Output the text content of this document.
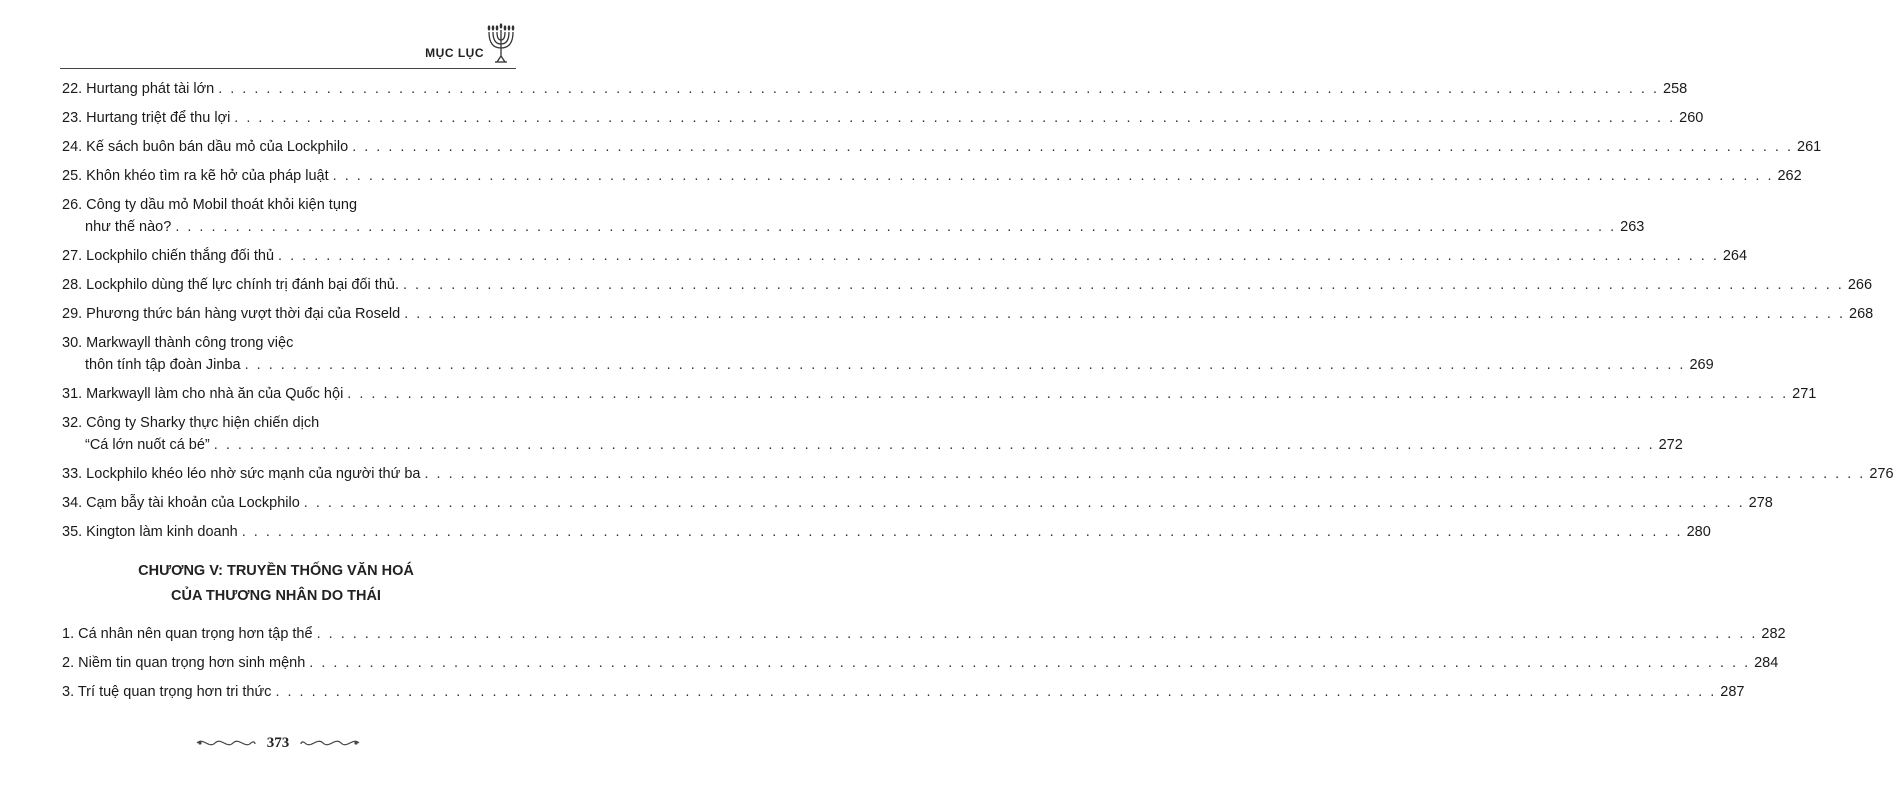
MỤC LỤC
22. Hurtang phát tài lớn . . . . . . . . . . . . . . . . . . . . . . . . . . . . . . . . . . . . . . . . . . . . . . . . . . . . . . . . . . . . . . . . . . . . . . . . . . . . . . . . . . . . . . . . . . . . . . . . . . . . . . . . . . . . . . . . . . . . . . . . 258
23. Hurtang triệt để thu lợi . . . . . . . . . . . . . . . . . . . . . . . . . . . . . . . . . . . . . . . . . . . . . . . . . . . . . . . . . . . . . . . . . . . . . . . . . . . . . . . . . . . . . . . . . . . . . . . . . . . . . . . . . . . . . . . . . . . . . . . . 260
24. Kế sách buôn bán dầu mỏ của Lockphilo . . . . . . . . . . . . . . . . . . . . . . . . . . . . . . . . . . . . . . . . . . . . . . . . . . . . . . . . . . . . . . . . . . . . . . . . . . . . . . . . . . . . . . . . . . . . . . . . . . . . . . . . . . . . . . . . . . . . . . . . 261
25. Khôn khéo tìm ra kẽ hở của pháp luật . . . . . . . . . . . . . . . . . . . . . . . . . . . . . . . . . . . . . . . . . . . . . . . . . . . . . . . . . . . . . . . . . . . . . . . . . . . . . . . . . . . . . . . . . . . . . . . . . . . . . . . . . . . . . . . . . . . . . . . . 262
26. Công ty dầu mỏ Mobil thoát khỏi kiện tụng
như thế nào? . . . . . . . . . . . . . . . . . . . . . . . . . . . . . . . . . . . . . . . . . . . . . . . . . . . . . . . . . . . . . . . . . . . . . . . . . . . . . . . . . . . . . . . . . . . . . . . . . . . . . . . . . . . . . . . . . . . . . . . . 263
27. Lockphilo chiến thắng đối thủ . . . . . . . . . . . . . . . . . . . . . . . . . . . . . . . . . . . . . . . . . . . . . . . . . . . . . . . . . . . . . . . . . . . . . . . . . . . . . . . . . . . . . . . . . . . . . . . . . . . . . . . . . . . . . . . . . . . . . . . . 264
28. Lockphilo dùng thế lực chính trị đánh bại đối thủ. . . . . . . . . . . . . . . . . . . . . . . . . . . . . . . . . . . . . . . . . . . . . . . . . . . . . . . . . . . . . . . . . . . . . . . . . . . . . . . . . . . . . . . . . . . . . . . . . . . . . . . . . . . . . . . . . . . . . . . . . 266
29. Phương thức bán hàng vượt thời đại của Roseld . . . . . . . . . . . . . . . . . . . . . . . . . . . . . . . . . . . . . . . . . . . . . . . . . . . . . . . . . . . . . . . . . . . . . . . . . . . . . . . . . . . . . . . . . . . . . . . . . . . . . . . . . . . . . . . . . . . . . . . . 268
30. Markwayll thành công trong việc
thôn tính tập đoàn Jinba . . . . . . . . . . . . . . . . . . . . . . . . . . . . . . . . . . . . . . . . . . . . . . . . . . . . . . . . . . . . . . . . . . . . . . . . . . . . . . . . . . . . . . . . . . . . . . . . . . . . . . . . . . . . . . . . . . . . . . . . 269
31. Markwayll làm cho nhà ăn của Quốc hội . . . . . . . . . . . . . . . . . . . . . . . . . . . . . . . . . . . . . . . . . . . . . . . . . . . . . . . . . . . . . . . . . . . . . . . . . . . . . . . . . . . . . . . . . . . . . . . . . . . . . . . . . . . . . . . . . . . . . . . . 271
32. Công ty Sharky thực hiện chiến dịch
“Cá lớn nuốt cá bé” . . . . . . . . . . . . . . . . . . . . . . . . . . . . . . . . . . . . . . . . . . . . . . . . . . . . . . . . . . . . . . . . . . . . . . . . . . . . . . . . . . . . . . . . . . . . . . . . . . . . . . . . . . . . . . . . . . . . . . . . 272
33. Lockphilo khéo léo nhờ sức mạnh của người thứ ba . . . . . . . . . . . . . . . . . . . . . . . . . . . . . . . . . . . . . . . . . . . . . . . . . . . . . . . . . . . . . . . . . . . . . . . . . . . . . . . . . . . . . . . . . . . . . . . . . . . . . . . . . . . . . . . . . . . . . . . . 276
34. Cạm bẫy tài khoản của Lockphilo . . . . . . . . . . . . . . . . . . . . . . . . . . . . . . . . . . . . . . . . . . . . . . . . . . . . . . . . . . . . . . . . . . . . . . . . . . . . . . . . . . . . . . . . . . . . . . . . . . . . . . . . . . . . . . . . . . . . . . . . 278
35. Kington làm kinh doanh . . . . . . . . . . . . . . . . . . . . . . . . . . . . . . . . . . . . . . . . . . . . . . . . . . . . . . . . . . . . . . . . . . . . . . . . . . . . . . . . . . . . . . . . . . . . . . . . . . . . . . . . . . . . . . . . . . . . . . . . 280
CHƯƠNG V: TRUYỀN THỐNG VĂN HOÁ
CỦA THƯƠNG NHÂN DO THÁI
1. Cá nhân nên quan trọng hơn tập thể . . . . . . . . . . . . . . . . . . . . . . . . . . . . . . . . . . . . . . . . . . . . . . . . . . . . . . . . . . . . . . . . . . . . . . . . . . . . . . . . . . . . . . . . . . . . . . . . . . . . . . . . . . . . . . . . . . . . . . . . 282
2. Niềm tin quan trọng hơn sinh mệnh . . . . . . . . . . . . . . . . . . . . . . . . . . . . . . . . . . . . . . . . . . . . . . . . . . . . . . . . . . . . . . . . . . . . . . . . . . . . . . . . . . . . . . . . . . . . . . . . . . . . . . . . . . . . . . . . . . . . . . . . 284
3. Trí tuệ quan trọng hơn tri thức . . . . . . . . . . . . . . . . . . . . . . . . . . . . . . . . . . . . . . . . . . . . . . . . . . . . . . . . . . . . . . . . . . . . . . . . . . . . . . . . . . . . . . . . . . . . . . . . . . . . . . . . . . . . . . . . . . . . . . . . 287
373
